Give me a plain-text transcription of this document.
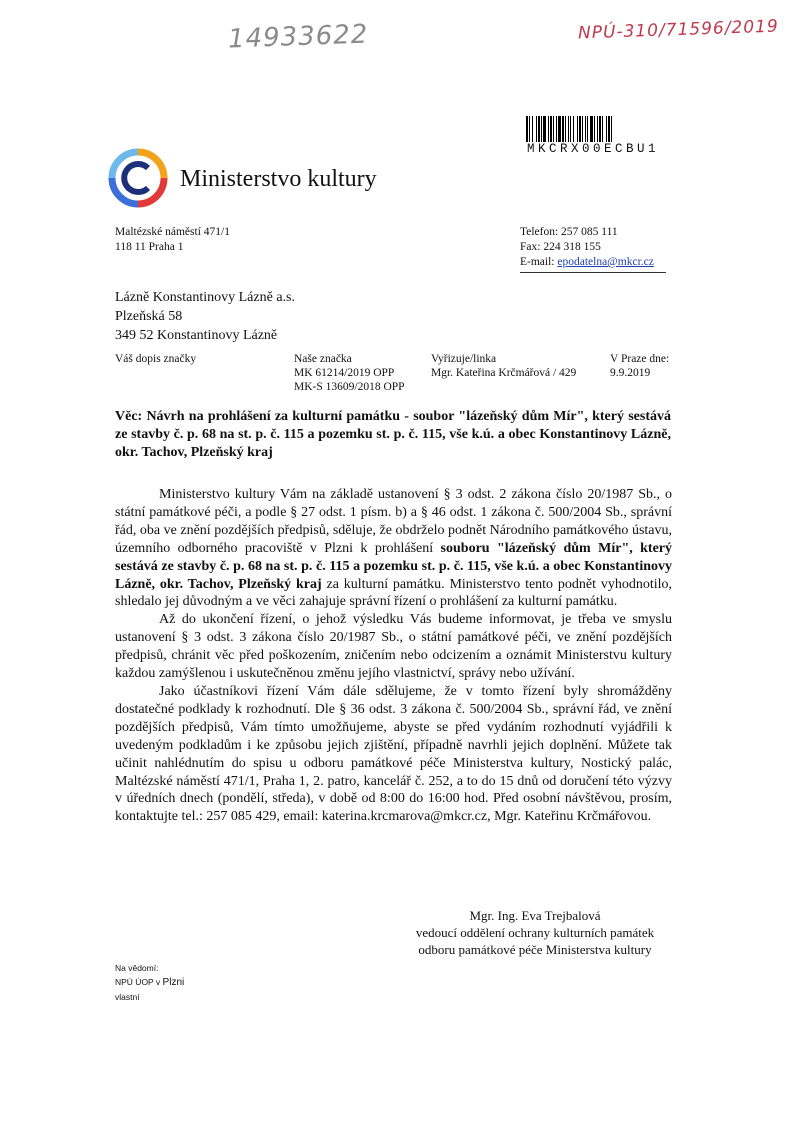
14933622	NPÚ-310/71596/2019
MKCRX00ECBU1
Ministerstvo kultury
Maltézské náměstí 471/1
118 11 Praha 1
Telefon: 257 085 111
Fax: 224 318 155
E-mail: epodatelna@mkcr.cz
Lázně Konstantinovy Lázně a.s.
Plzeňská 58
349 52 Konstantinovy Lázně
Váš dopis značky	Naše značka
MK 61214/2019 OPP
MK-S 13609/2018 OPP
Vyřizuje/linka
Mgr. Kateřina Krčmářová / 429
V Praze dne:
9.9.2019
Věc: Návrh na prohlášení za kulturní památku - soubor "lázeňský dům Mír", který sestává ze stavby č. p. 68 na st. p. č. 115 a pozemku st. p. č. 115, vše k.ú. a obec Konstantinovy Lázně, okr. Tachov, Plzeňský kraj

Ministerstvo kultury Vám na základě ustanovení § 3 odst. 2 zákona číslo 20/1987 Sb., o státní památkové péči, a podle § 27 odst. 1 písm. b) a § 46 odst. 1 zákona č. 500/2004 Sb., správní řád, oba ve znění pozdějších předpisů, sděluje, že obdrželo podnět Národního památkového ústavu, územního odborného pracoviště v Plzni k prohlášení souboru "lázeňský dům Mír", který sestává ze stavby č. p. 68 na st. p. č. 115 a pozemku st. p. č. 115, vše k.ú. a obec Konstantinovy Lázně, okr. Tachov, Plzeňský kraj za kulturní památku. Ministerstvo tento podnět vyhodnotilo, shledalo jej důvodným a ve věci zahajuje správní řízení o prohlášení za kulturní památku.

Až do ukončení řízení, o jehož výsledku Vás budeme informovat, je třeba ve smyslu ustanovení § 3 odst. 3 zákona číslo 20/1987 Sb., o státní památkové péči, ve znění pozdějších předpisů, chránit věc před poškozením, zničením nebo odcizením a oznámit Ministerstvu kultury každou zamýšlenou i uskutečněnou změnu jejího vlastnictví, správy nebo užívání.

Jako účastníkovi řízení Vám dále sdělujeme, že v tomto řízení byly shromážděny dostatečné podklady k rozhodnutí. Dle § 36 odst. 3 zákona č. 500/2004 Sb., správní řád, ve znění pozdějších předpisů, Vám tímto umožňujeme, abyste se před vydáním rozhodnutí vyjádřili k uvedeným podkladům i ke způsobu jejich zjištění, případně navrhli jejich doplnění. Můžete tak učinit nahlédnutím do spisu u odboru památkové péče Ministerstva kultury, Nostický palác, Maltézské náměstí 471/1, Praha 1, 2. patro, kancelář č. 252, a to do 15 dnů od doručení této výzvy v úředních dnech (pondělí, středa), v době od 8:00 do 16:00 hod. Před osobní návštěvou, prosím, kontaktujte tel.: 257 085 429, email: katerina.krcmarova@mkcr.cz, Mgr. Kateřinu Krčmářovou.

Mgr. Ing. Eva Trejbalová
vedoucí oddělení ochrany kulturních památek
odboru památkové péče Ministerstva kultury
Na vědomí:
NPÚ ÚOP v Plzni
vlastní
